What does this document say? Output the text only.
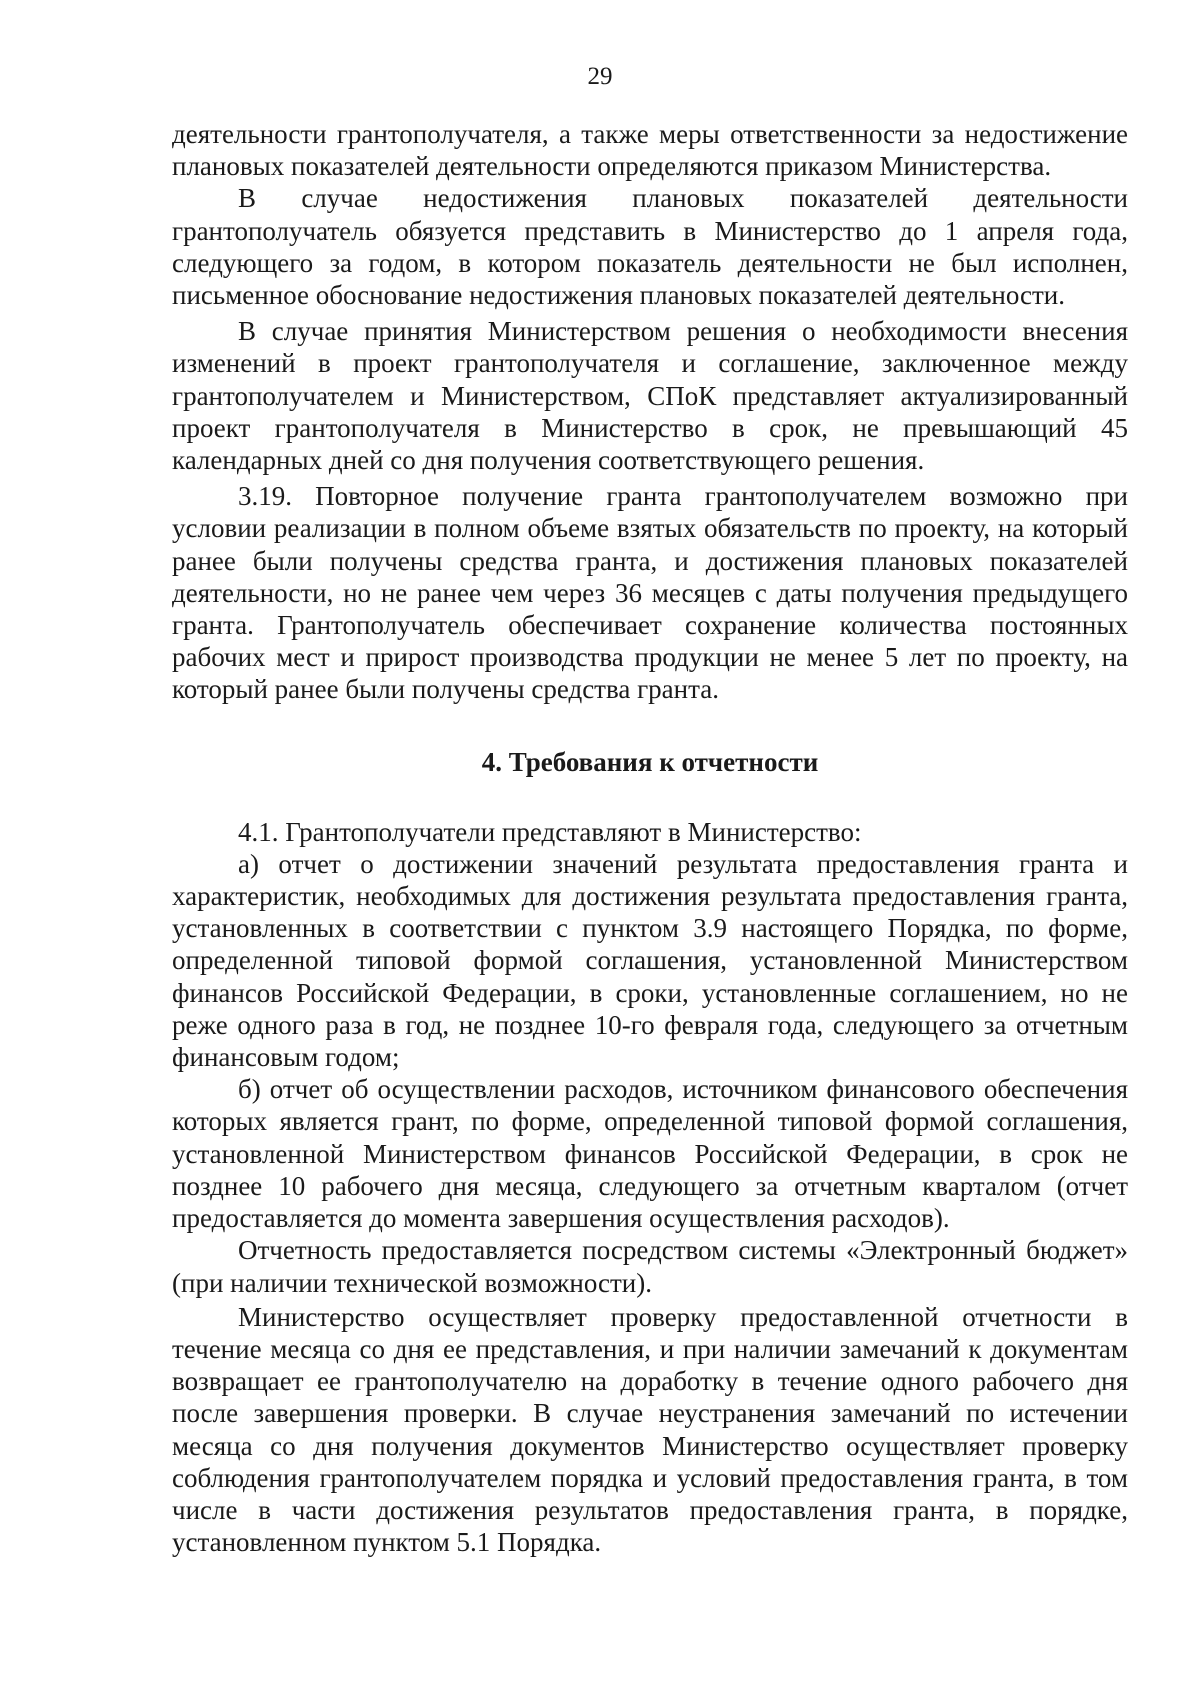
29

деятельности грантополучателя, а также меры ответственности за недостижение плановых показателей деятельности определяются приказом Министерства.

В случае недостижения плановых показателей деятельности грантополучатель обязуется представить в Министерство до 1 апреля года, следующего за годом, в котором показатель деятельности не был исполнен, письменное обоснование недостижения плановых показателей деятельности.

В случае принятия Министерством решения о необходимости внесения изменений в проект грантополучателя и соглашение, заключенное между грантополучателем и Министерством, СПоК представляет актуализированный проект грантополучателя в Министерство в срок, не превышающий 45 календарных дней со дня получения соответствующего решения.

3.19. Повторное получение гранта грантополучателем возможно при условии реализации в полном объеме взятых обязательств по проекту, на который ранее были получены средства гранта, и достижения плановых показателей деятельности, но не ранее чем через 36 месяцев с даты получения предыдущего гранта. Грантополучатель обеспечивает сохранение количества постоянных рабочих мест и прирост производства продукции не менее 5 лет по проекту, на который ранее были получены средства гранта.

4. Требования к отчетности

4.1. Грантополучатели представляют в Министерство:

а) отчет о достижении значений результата предоставления гранта и характеристик, необходимых для достижения результата предоставления гранта, установленных в соответствии с пунктом 3.9 настоящего Порядка, по форме, определенной типовой формой соглашения, установленной Министерством финансов Российской Федерации, в сроки, установленные соглашением, но не реже одного раза в год, не позднее 10-го февраля года, следующего за отчетным финансовым годом;

б) отчет об осуществлении расходов, источником финансового обеспечения которых является грант, по форме, определенной типовой формой соглашения, установленной Министерством финансов Российской Федерации, в срок не позднее 10 рабочего дня месяца, следующего за отчетным кварталом (отчет предоставляется до момента завершения осуществления расходов).

Отчетность предоставляется посредством системы «Электронный бюджет» (при наличии технической возможности).

Министерство осуществляет проверку предоставленной отчетности в течение месяца со дня ее представления, и при наличии замечаний к документам возвращает ее грантополучателю на доработку в течение одного рабочего дня после завершения проверки. В случае неустранения замечаний по истечении месяца со дня получения документов Министерство осуществляет проверку соблюдения грантополучателем порядка и условий предоставления гранта, в том числе в части достижения результатов предоставления гранта, в порядке, установленном пунктом 5.1 Порядка.
